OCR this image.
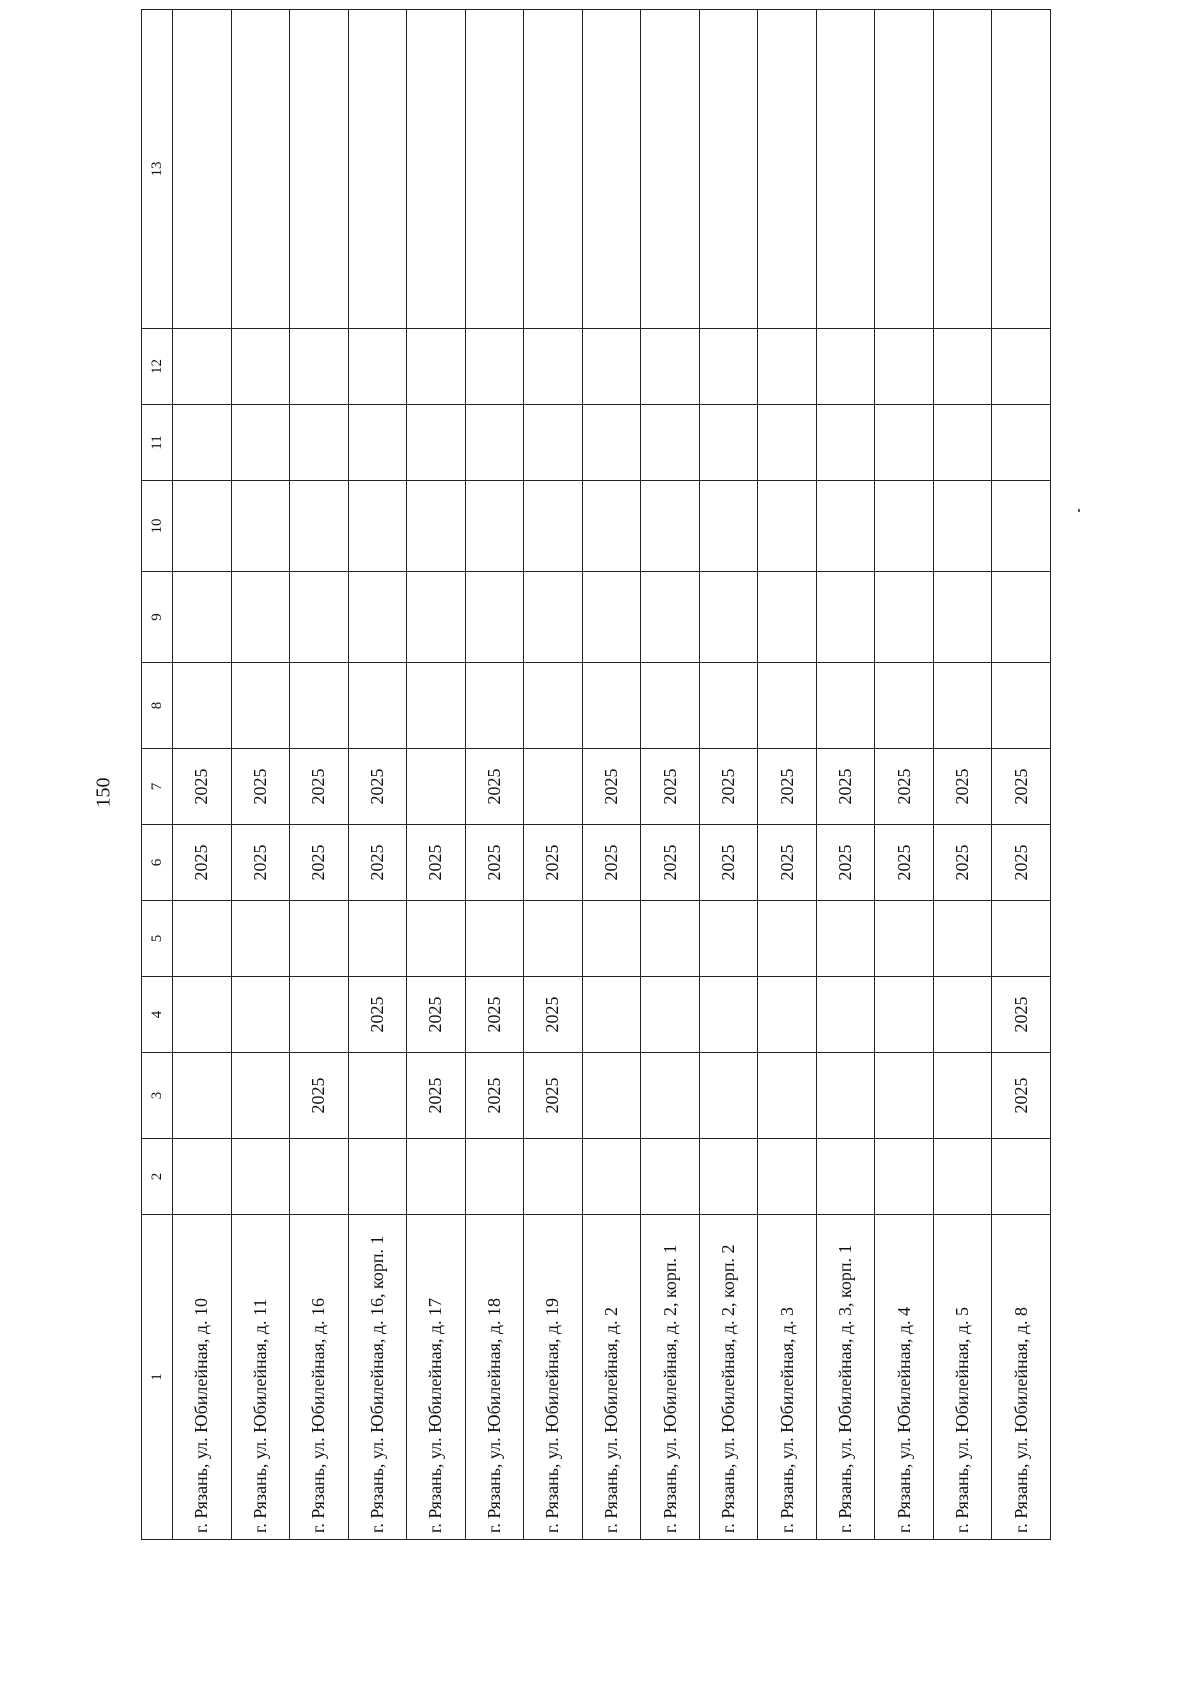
150
1	2	3	4	5	6	7	8	9	10	11	12	13
г. Рязань, ул. Юбилейная, д. 10					2025	2025						
г. Рязань, ул. Юбилейная, д. 11					2025	2025						
г. Рязань, ул. Юбилейная, д. 16		2025			2025	2025						
г. Рязань, ул. Юбилейная, д. 16, корп. 1			2025		2025	2025						
г. Рязань, ул. Юбилейная, д. 17		2025	2025		2025							
г. Рязань, ул. Юбилейная, д. 18		2025	2025		2025	2025						
г. Рязань, ул. Юбилейная, д. 19		2025	2025		2025							
г. Рязань, ул. Юбилейная, д. 2					2025	2025						
г. Рязань, ул. Юбилейная, д. 2, корп. 1					2025	2025						
г. Рязань, ул. Юбилейная, д. 2, корп. 2					2025	2025						
г. Рязань, ул. Юбилейная, д. 3					2025	2025						
г. Рязань, ул. Юбилейная, д. 3, корп. 1					2025	2025						
г. Рязань, ул. Юбилейная, д. 4					2025	2025						
г. Рязань, ул. Юбилейная, д. 5					2025	2025						
г. Рязань, ул. Юбилейная, д. 8		2025	2025		2025	2025						
